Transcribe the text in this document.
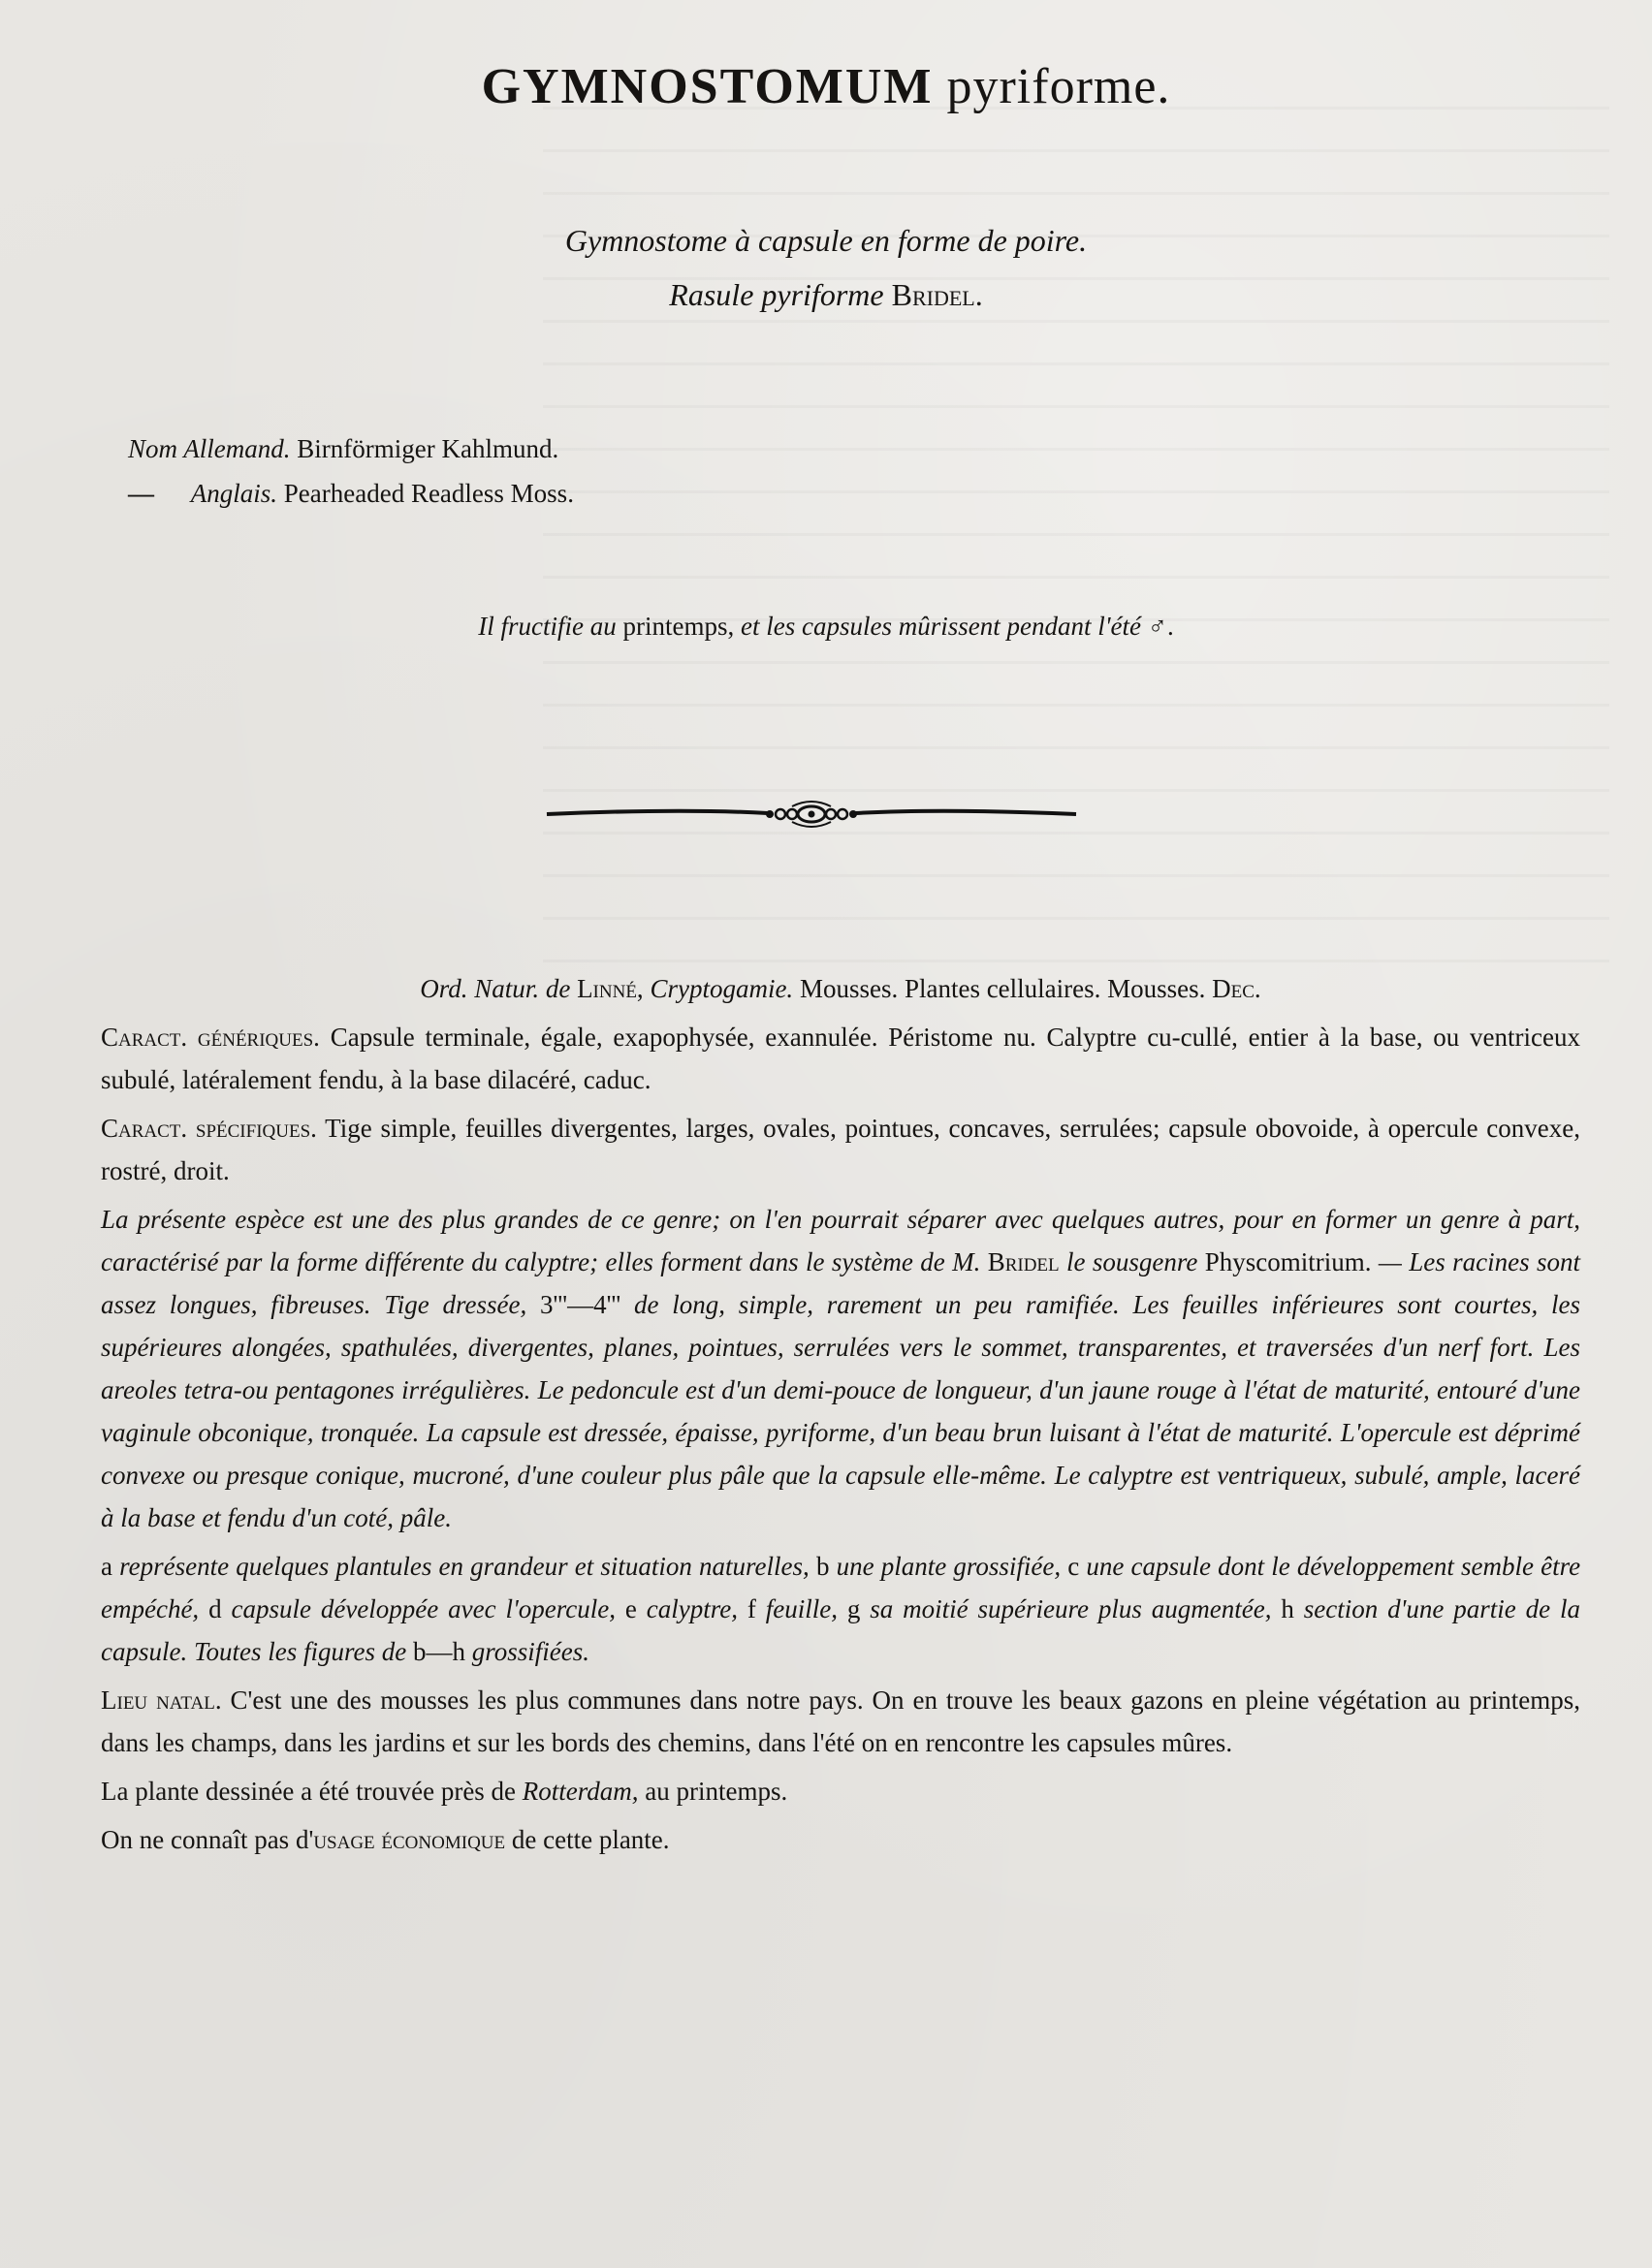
GYMNOSTOMUM pyriforme.
Gymnostome à capsule en forme de poire.
Rasule pyriforme Bridel.
Nom Allemand. Birnförmiger Kahlmund.
— Anglais. Pearheaded Readless Moss.
Il fructifie au printemps, et les capsules mûrissent pendant l'été ♂.

Ord. Natur. de Linné, Cryptogamie. Mousses. Plantes cellulaires. Mousses. Dec.

Caract. génériques. Capsule terminale, égale, exapophysée, exannulée. Péristome nu. Calyptre cu-cullé, entier à la base, ou ventriceux subulé, latéralement fendu, à la base dilacéré, caduc.

Caract. spécifiques. Tige simple, feuilles divergentes, larges, ovales, pointues, concaves, serrulées; capsule obovoide, à opercule convexe, rostré, droit.

La présente espèce est une des plus grandes de ce genre; on l'en pourrait séparer avec quelques autres, pour en former un genre à part, caractérisé par la forme différente du calyptre; elles forment dans le système de M. Bridel le sousgenre Physcomitrium. — Les racines sont assez longues, fibreuses. Tige dressée, 3'''—4''' de long, simple, rarement un peu ramifiée. Les feuilles inférieures sont courtes, les supérieures alongées, spathulées, divergentes, planes, pointues, serrulées vers le sommet, transparentes, et traversées d'un nerf fort. Les areoles tetra-ou pentagones irrégulières. Le pedoncule est d'un demi-pouce de longueur, d'un jaune rouge à l'état de maturité, entouré d'une vaginule obconique, tronquée. La capsule est dressée, épaisse, pyriforme, d'un beau brun luisant à l'état de maturité. L'opercule est déprimé convexe ou presque conique, mucroné, d'une couleur plus pâle que la capsule elle-même. Le calyptre est ventriqueux, subulé, ample, laceré à la base et fendu d'un coté, pâle.

a représente quelques plantules en grandeur et situation naturelles, b une plante grossifiée, c une capsule dont le développement semble être empéché, d capsule développée avec l'opercule, e calyptre, f feuille, g sa moitié supérieure plus augmentée, h section d'une partie de la capsule. Toutes les figures de b—h grossifiées.

Lieu natal. C'est une des mousses les plus communes dans notre pays. On en trouve les beaux gazons en pleine végétation au printemps, dans les champs, dans les jardins et sur les bords des chemins, dans l'été on en rencontre les capsules mûres.

La plante dessinée a été trouvée près de Rotterdam, au printemps.

On ne connaît pas d'usage économique de cette plante.
